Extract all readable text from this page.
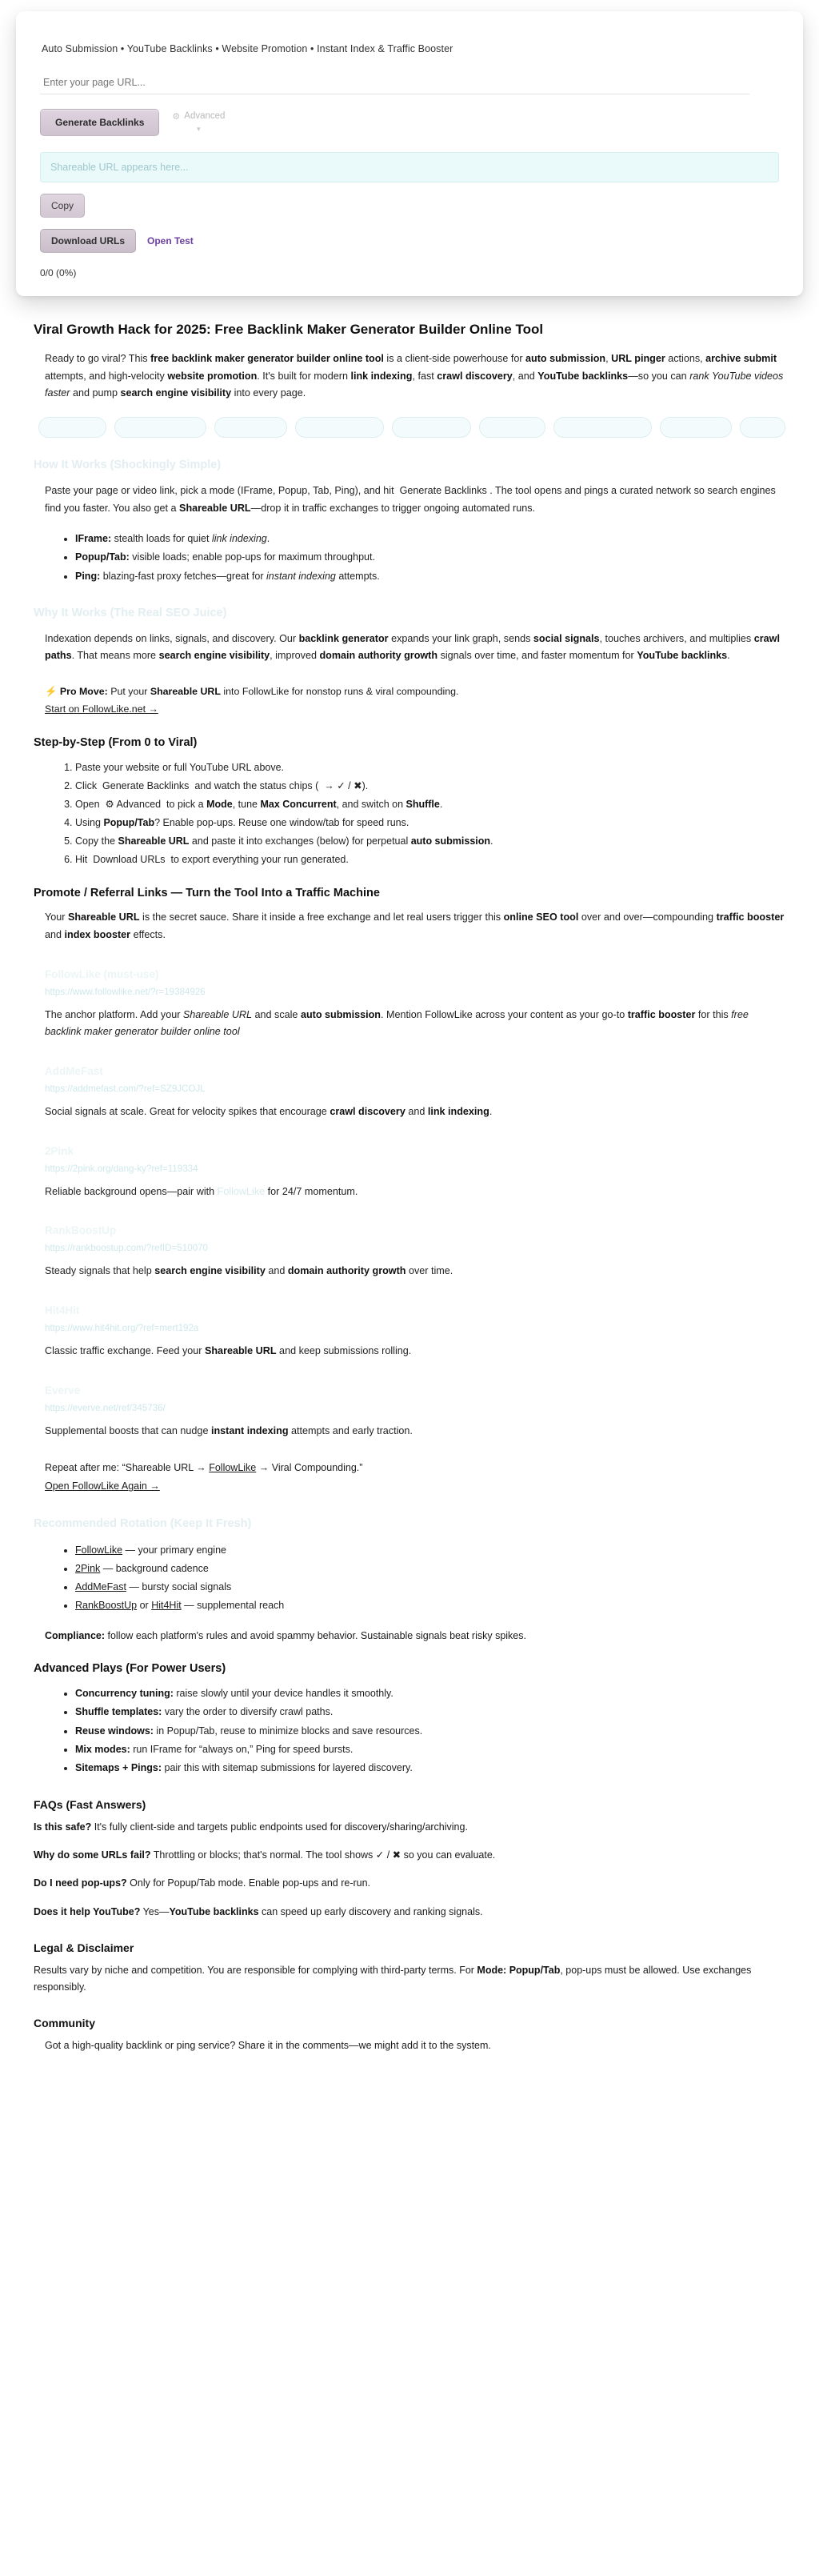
Auto Submission • YouTube Backlinks • Website Promotion • Instant Index & Traffic Booster
Enter your page URL...
Generate Backlinks
⚙ Advanced
▾
Shareable URL appears here...
Copy
Download URLs	Open Test
0/0 (0%)
Viral Growth Hack for 2025: Free Backlink Maker Generator Builder Online Tool

Ready to go viral? This free backlink maker generator builder online tool is a client-side powerhouse for auto submission, URL pinger actions, archive submit attempts, and high-velocity website promotion. It's built for modern link indexing, fast crawl discovery, and YouTube backlinks—so you can rank YouTube videos faster and pump search engine visibility into every page.

How It Works (Shockingly Simple)

Paste your page or video link, pick a mode (IFrame, Popup, Tab, Ping), and hit  Generate Backlinks . The tool opens and pings a curated network so search engines find you faster. You also get a Shareable URL—drop it in traffic exchanges to trigger ongoing automated runs.

• IFrame: stealth loads for quiet link indexing.
• Popup/Tab: visible loads; enable pop-ups for maximum throughput.
• Ping: blazing-fast proxy fetches—great for instant indexing attempts.
Why It Works (The Real SEO Juice)

Indexation depends on links, signals, and discovery. Our backlink generator expands your link graph, sends social signals, touches archivers, and multiplies crawl paths. That means more search engine visibility, improved domain authority growth signals over time, and faster momentum for YouTube backlinks.

⚡ Pro Move: Put your Shareable URL into FollowLike for nonstop runs & viral compounding.
Start on FollowLike.net →
Step-by-Step (From 0 to Viral)
1. Paste your website or full YouTube URL above.
2. Click  Generate Backlinks  and watch the status chips (  → ✓ / ✖).
3. Open  ⚙ Advanced  to pick a Mode, tune Max Concurrent, and switch on Shuffle.
4. Using Popup/Tab? Enable pop-ups. Reuse one window/tab for speed runs.
5. Copy the Shareable URL and paste it into exchanges (below) for perpetual auto submission.
6. Hit  Download URLs  to export everything your run generated.
Promote / Referral Links — Turn the Tool Into a Traffic Machine

Your Shareable URL is the secret sauce. Share it inside a free exchange and let real users trigger this online SEO tool over and over—compounding traffic booster and index booster effects.

FollowLike (must-use)
https://www.followlike.net/?r=19384926

The anchor platform. Add your Shareable URL and scale auto submission. Mention FollowLike across your content as your go-to traffic booster for this free backlink maker generator builder online tool

AddMeFast
https://addmefast.com/?ref=SZ9JCOJL

Social signals at scale. Great for velocity spikes that encourage crawl discovery and link indexing.

2Pink
https://2pink.org/dang-ky?ref=119334

Reliable background opens—pair with FollowLike for 24/7 momentum.

RankBoostUp
https://rankboostup.com/?refID=510070

Steady signals that help search engine visibility and domain authority growth over time.

Hit4Hit
https://www.hit4hit.org/?ref=mert192a

Classic traffic exchange. Feed your Shareable URL and keep submissions rolling.

Everve
https://everve.net/ref/345736/

Supplemental boosts that can nudge instant indexing attempts and early traction.

Repeat after me: “Shareable URL → FollowLike → Viral Compounding.”
Open FollowLike Again →
Recommended Rotation (Keep It Fresh)
• FollowLike — your primary engine
• 2Pink — background cadence
• AddMeFast — bursty social signals
• RankBoostUp or Hit4Hit — supplemental reach
Compliance: follow each platform's rules and avoid spammy behavior. Sustainable signals beat risky spikes.
Advanced Plays (For Power Users)
• Concurrency tuning: raise slowly until your device handles it smoothly.
• Shuffle templates: vary the order to diversify crawl paths.
• Reuse windows: in Popup/Tab, reuse to minimize blocks and save resources.
• Mix modes: run IFrame for “always on,” Ping for speed bursts.
• Sitemaps + Pings: pair this with sitemap submissions for layered discovery.
FAQs (Fast Answers)

Is this safe? It's fully client-side and targets public endpoints used for discovery/sharing/archiving.

Why do some URLs fail? Throttling or blocks; that's normal. The tool shows ✓ / ✖ so you can evaluate.

Do I need pop-ups? Only for Popup/Tab mode. Enable pop-ups and re-run.

Does it help YouTube? Yes—YouTube backlinks can speed up early discovery and ranking signals.

Legal & Disclaimer

Results vary by niche and competition. You are responsible for complying with third-party terms. For Mode: Popup/Tab, pop-ups must be allowed. Use exchanges responsibly.

Community

Got a high-quality backlink or ping service? Share it in the comments—we might add it to the system.
